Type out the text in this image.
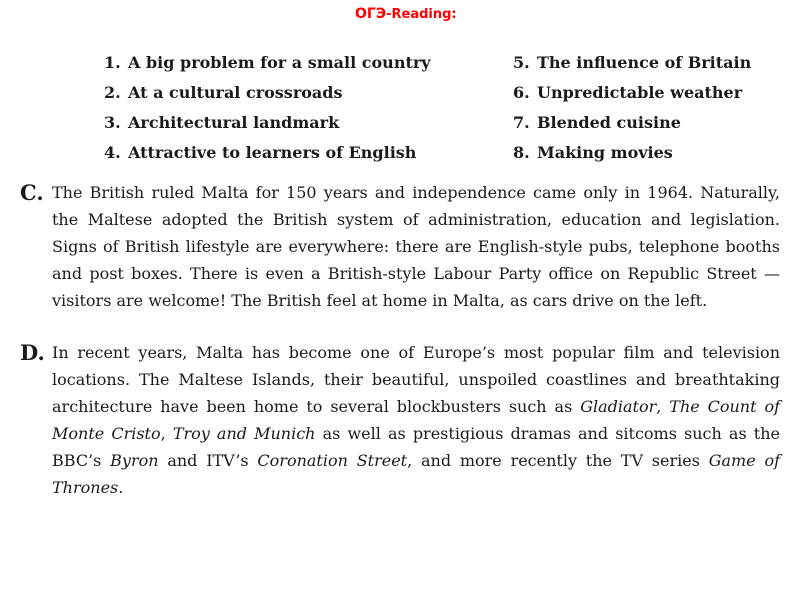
ОГЭ-Reading:
1. A big problem for a small country
2. At a cultural crossroads
3. Architectural landmark
4. Attractive to learners of English
5. The influence of Britain
6. Unpredictable weather
7. Blended cuisine
8. Making movies
C. The British ruled Malta for 150 years and independence came only in 1964. Naturally,
the Maltese adopted the British system of administration, education and legislation.
Signs of British lifestyle are everywhere: there are English-style pubs, telephone booths
and post boxes. There is even a British-style Labour Party office on Republic Street —
visitors are welcome! The British feel at home in Malta, as cars drive on the left.
D. In recent years, Malta has become one of Europe’s most popular film and television
locations. The Maltese Islands, their beautiful, unspoiled coastlines and breathtaking
architecture have been home to several blockbusters such as Gladiator, The Count of
Monte Cristo, Troy and Munich as well as prestigious dramas and sitcoms such as the
BBC’s Byron and ITV’s Coronation Street, and more recently the TV series Game of
Thrones.
